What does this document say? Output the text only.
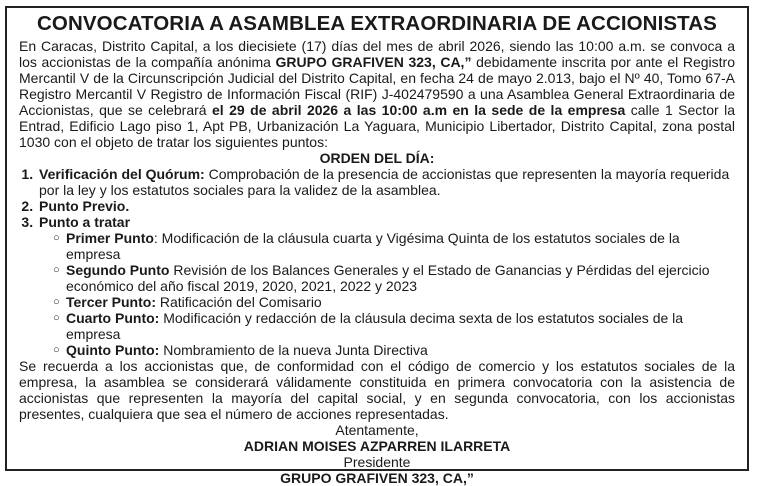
CONVOCATORIA A ASAMBLEA EXTRAORDINARIA DE ACCIONISTAS

En Caracas, Distrito Capital, a los diecisiete (17) días del mes de abril 2026, siendo las 10:00 a.m. se convoca a los accionistas de la compañía anónima GRUPO GRAFIVEN 323, CA,” debidamente inscrita por ante el Registro Mercantil V de la Circunscripción Judicial del Distrito Capital, en fecha 24 de mayo 2.013, bajo el Nº 40, Tomo 67-A Registro Mercantil V Registro de Información Fiscal (RIF) J-402479590 a una Asamblea General Extraordinaria de Accionistas, que se celebrará el 29 de abril 2026 a las 10:00 a.m en la sede de la empresa calle 1 Sector la Entrad, Edificio Lago piso 1, Apt PB, Urbanización La Yaguara, Municipio Libertador, Distrito Capital, zona postal 1030 con el objeto de tratar los siguientes puntos:

ORDEN DEL DÍA:

1. Verificación del Quórum: Comprobación de la presencia de accionistas que representen la mayoría requerida por la ley y los estatutos sociales para la validez de la asamblea.
2. Punto Previo.
3. Punto a tratar
○ Primer Punto: Modificación de la cláusula cuarta y Vigésima Quinta de los estatutos sociales de la empresa
○ Segundo Punto Revisión de los Balances Generales y el Estado de Ganancias y Pérdidas del ejercicio económico del año fiscal 2019, 2020, 2021, 2022 y 2023
○ Tercer Punto: Ratificación del Comisario
○ Cuarto Punto: Modificación y redacción de la cláusula decima sexta de los estatutos sociales de la empresa
○ Quinto Punto: Nombramiento de la nueva Junta Directiva

Se recuerda a los accionistas que, de conformidad con el código de comercio y los estatutos sociales de la empresa, la asamblea se considerará válidamente constituida en primera convocatoria con la asistencia de accionistas que representen la mayoría del capital social, y en segunda convocatoria, con los accionistas presentes, cualquiera que sea el número de acciones representadas.

Atentamente,

ADRIAN MOISES AZPARREN ILARRETA

Presidente

GRUPO GRAFIVEN 323, CA,”
